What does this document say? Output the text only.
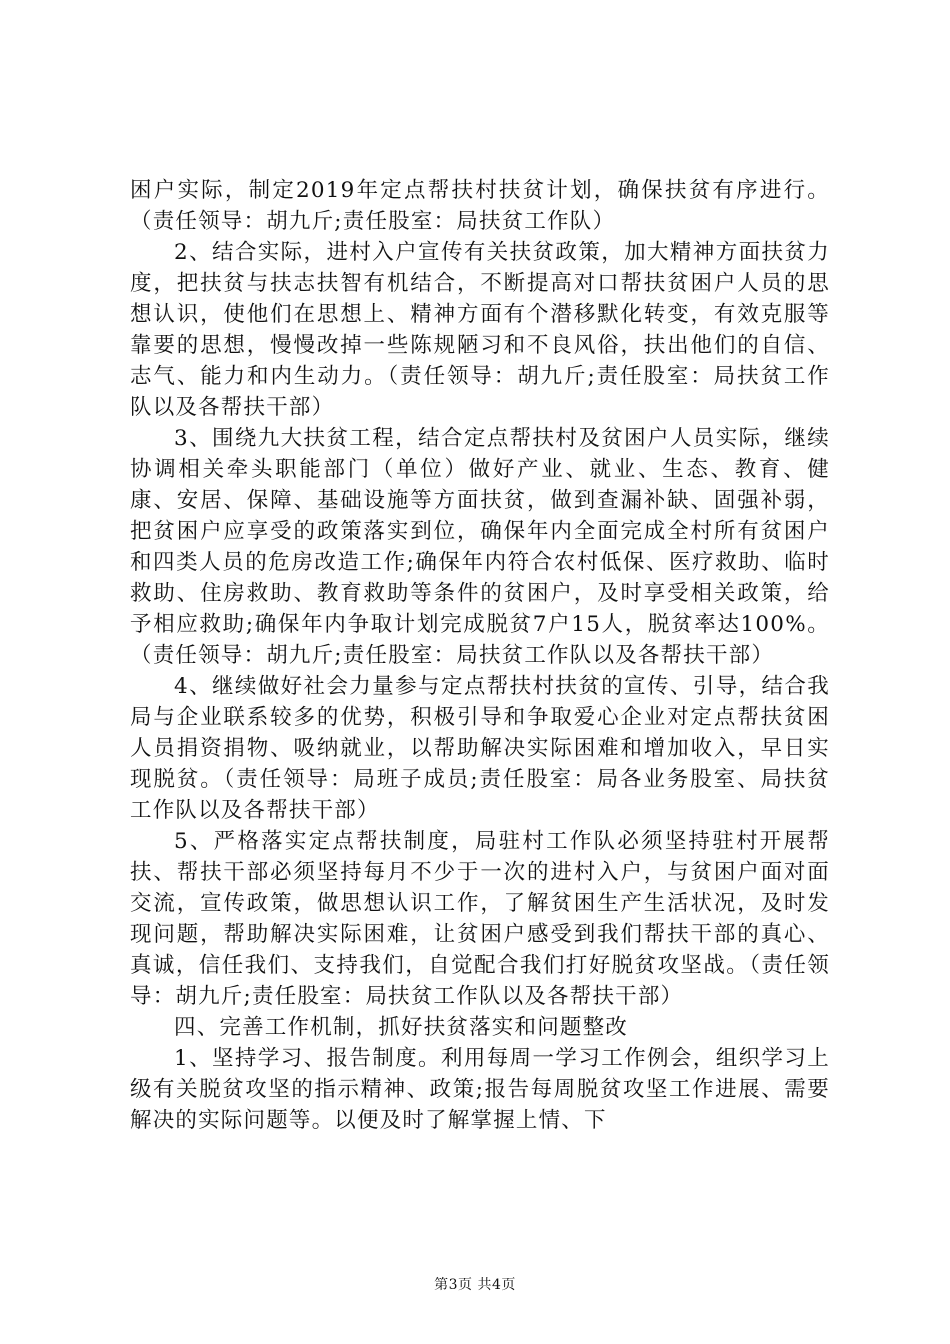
困户实际，制定2019年定点帮扶村扶贫计划，确保扶贫有序进行。（责任领导：胡九斤;责任股室：局扶贫工作队）

2、结合实际，进村入户宣传有关扶贫政策，加大精神方面扶贫力度，把扶贫与扶志扶智有机结合，不断提高对口帮扶贫困户人员的思想认识，使他们在思想上、精神方面有个潜移默化转变，有效克服等靠要的思想，慢慢改掉一些陈规陋习和不良风俗，扶出他们的自信、志气、能力和内生动力。（责任领导：胡九斤;责任股室：局扶贫工作队以及各帮扶干部）

3、围绕九大扶贫工程，结合定点帮扶村及贫困户人员实际，继续协调相关牵头职能部门（单位）做好产业、就业、生态、教育、健康、安居、保障、基础设施等方面扶贫，做到查漏补缺、固强补弱，把贫困户应享受的政策落实到位，确保年内全面完成全村所有贫困户和四类人员的危房改造工作;确保年内符合农村低保、医疗救助、临时救助、住房救助、教育救助等条件的贫困户，及时享受相关政策，给予相应救助;确保年内争取计划完成脱贫7户15人，脱贫率达100%。（责任领导：胡九斤;责任股室：局扶贫工作队以及各帮扶干部）

4、继续做好社会力量参与定点帮扶村扶贫的宣传、引导，结合我局与企业联系较多的优势，积极引导和争取爱心企业对定点帮扶贫困人员捐资捐物、吸纳就业，以帮助解决实际困难和增加收入，早日实现脱贫。（责任领导：局班子成员;责任股室：局各业务股室、局扶贫工作队以及各帮扶干部）

5、严格落实定点帮扶制度，局驻村工作队必须坚持驻村开展帮扶、帮扶干部必须坚持每月不少于一次的进村入户，与贫困户面对面交流，宣传政策，做思想认识工作，了解贫困生产生活状况，及时发现问题，帮助解决实际困难，让贫困户感受到我们帮扶干部的真心、真诚，信任我们、支持我们，自觉配合我们打好脱贫攻坚战。（责任领导：胡九斤;责任股室：局扶贫工作队以及各帮扶干部）

四、完善工作机制，抓好扶贫落实和问题整改

1、坚持学习、报告制度。利用每周一学习工作例会，组织学习上级有关脱贫攻坚的指示精神、政策;报告每周脱贫攻坚工作进展、需要解决的实际问题等。以便及时了解掌握上情、下

第3页 共4页
